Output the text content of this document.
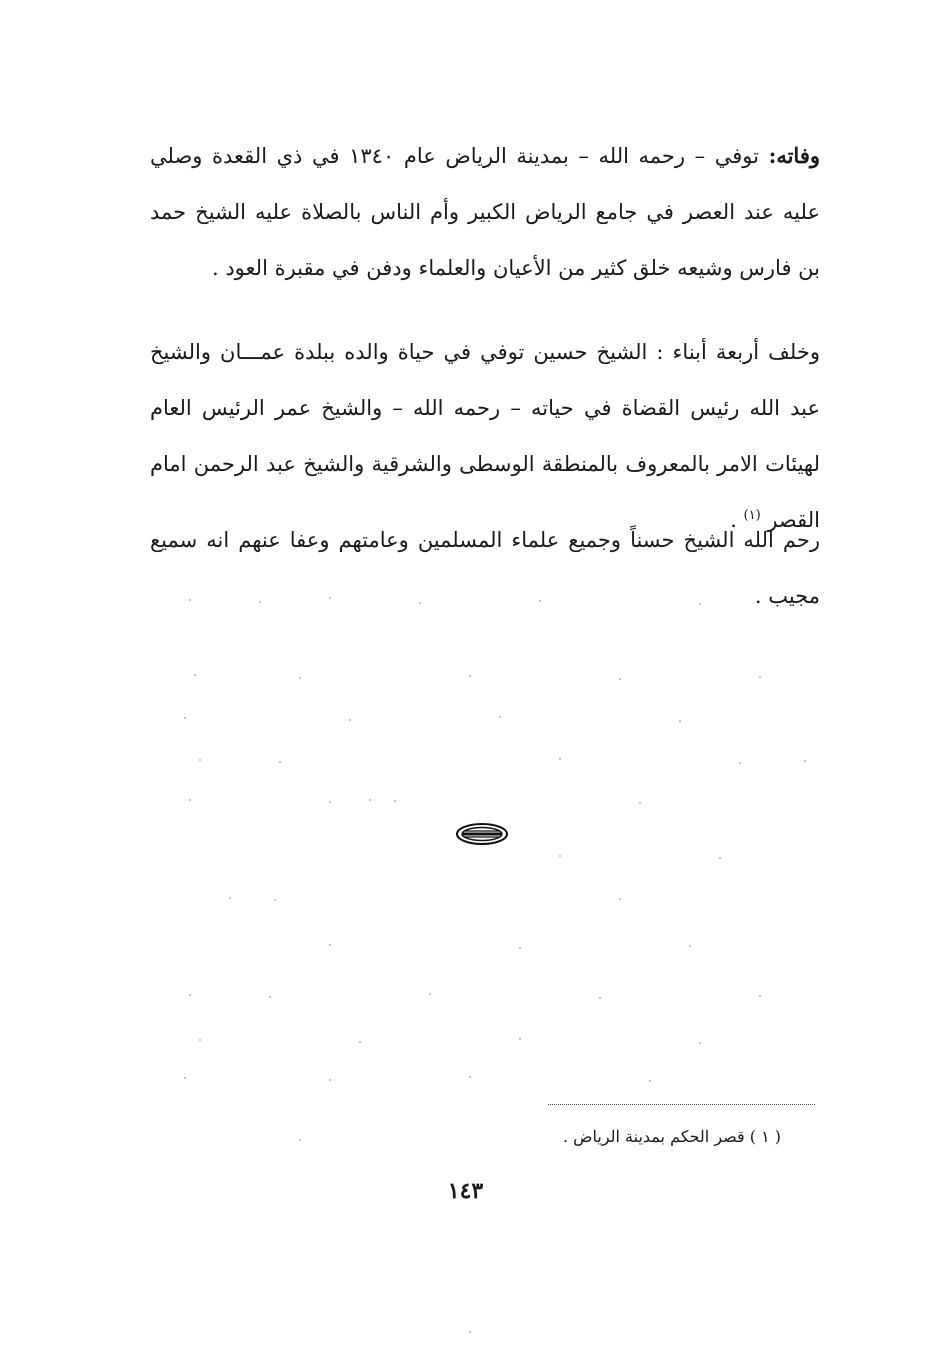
وفاته: توفي – رحمه الله – بمدينة الرياض عام ١٣٤٠ في ذي القعدة وصلي عليه عند العصر في جامع الرياض الكبير وأم الناس بالصلاة عليه الشيخ حمد بن فارس وشيعه خلق كثير من الأعيان والعلماء ودفن في مقبرة العود .

وخلف أربعة أبناء : الشيخ حسين توفي في حياة والده ببلدة عمـــان والشيخ عبد الله رئيس القضاة في حياته – رحمه الله – والشيخ عمر الرئيس العام لهيئات الامر بالمعروف بالمنطقة الوسطى والشرقية والشيخ عبد الرحمن امام القصر $^{(١)}$ .

رحم الله الشيخ حسناً وجميع علماء المسلمين وعامتهم وعفا عنهم انه سميع مجيب .

( ١ ) قصر الحكم بمدينة الرياض .
١٤٣
